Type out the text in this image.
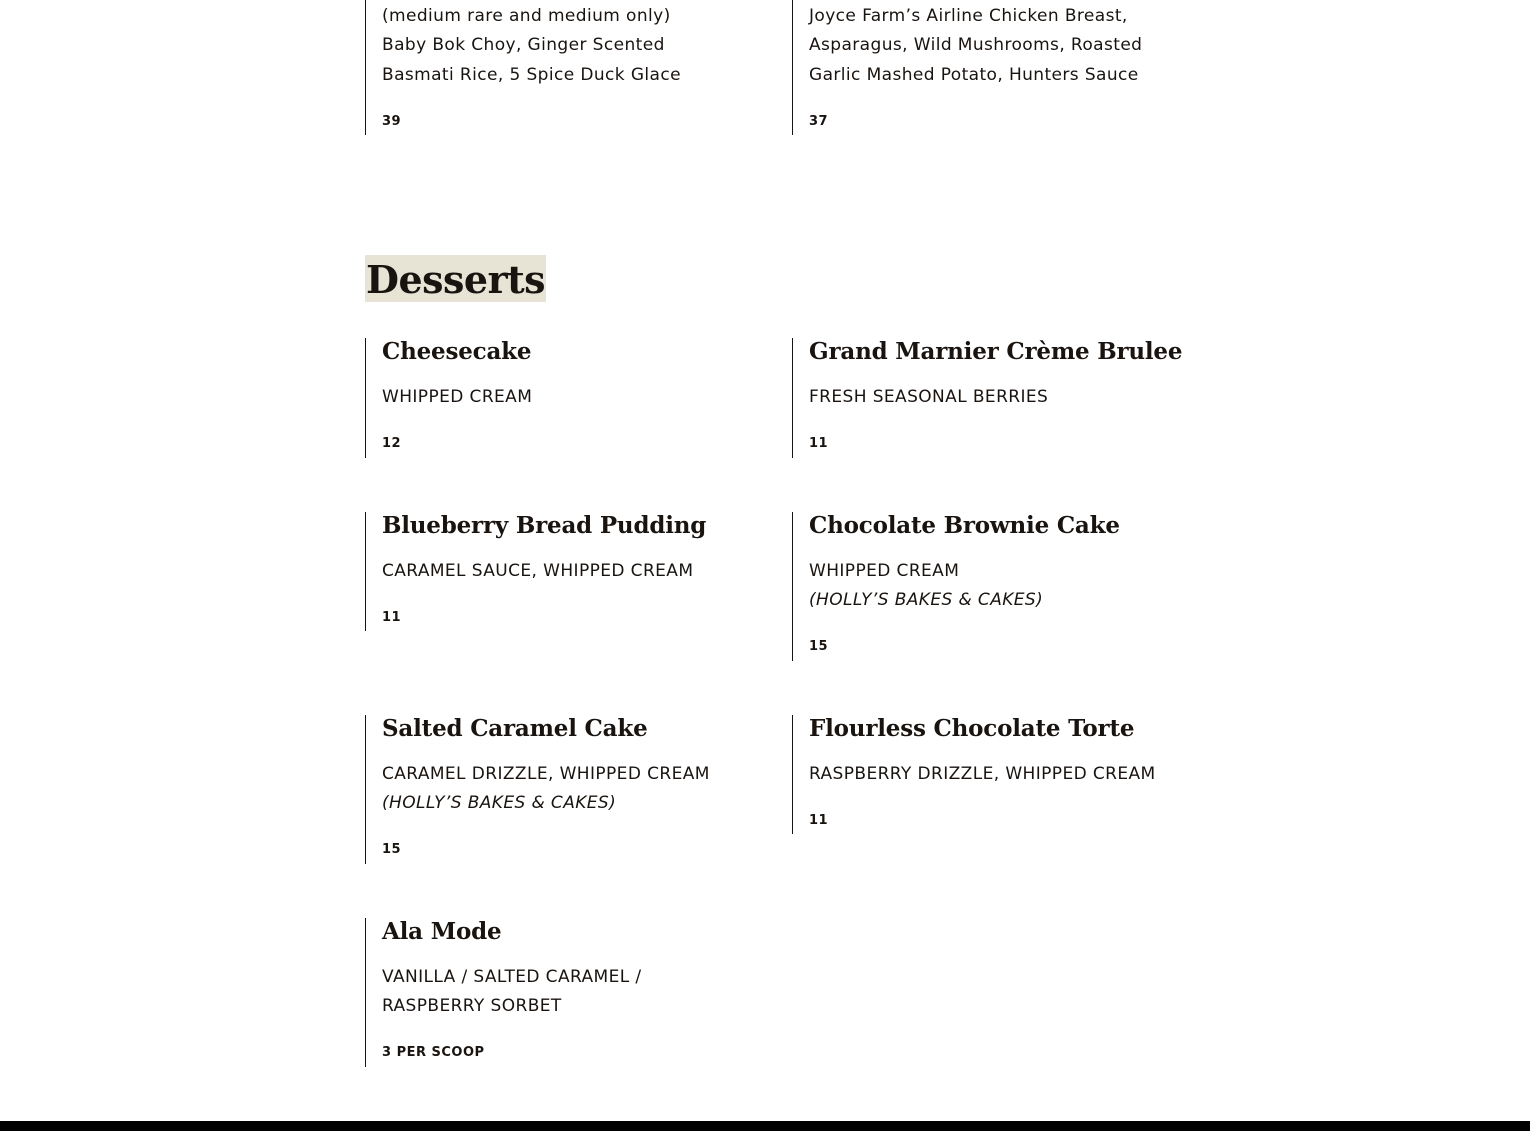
(medium rare and medium only)
Baby Bok Choy, Ginger Scented
Basmati Rice, 5 Spice Duck Glace
39
Joyce Farm’s Airline Chicken Breast,
Asparagus, Wild Mushrooms, Roasted
Garlic Mashed Potato, Hunters Sauce
37
Desserts
Cheesecake
WHIPPED CREAM
12
Grand Marnier Crème Brulee
FRESH SEASONAL BERRIES
11
Blueberry Bread Pudding
CARAMEL SAUCE, WHIPPED CREAM
11
Chocolate Brownie Cake
WHIPPED CREAM
(HOLLY’S BAKES & CAKES)
15
Salted Caramel Cake
CARAMEL DRIZZLE, WHIPPED CREAM
(HOLLY’S BAKES & CAKES)
15
Flourless Chocolate Torte
RASPBERRY DRIZZLE, WHIPPED CREAM
11
Ala Mode
VANILLA / SALTED CARAMEL /
RASPBERRY SORBET
3 PER SCOOP
